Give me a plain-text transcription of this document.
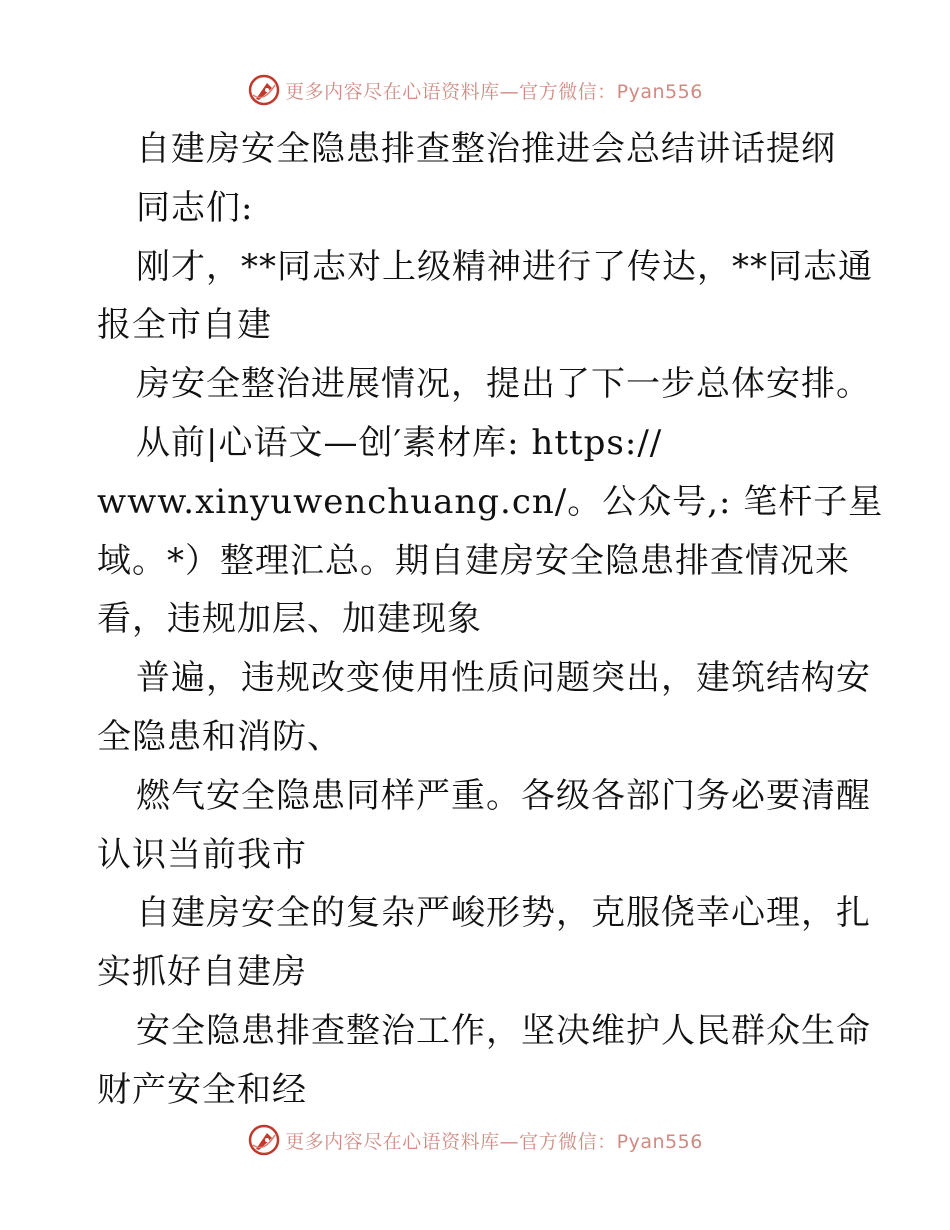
更多内容尽在心语资料库—官方微信：Pyan556
自建房安全隐患排查整治推进会总结讲话提纲
同志们:
刚才，**同志对上级精神进行了传达，**同志通
报全市自建
房安全整治进展情况，提出了下一步总体安排。
从前|心语文—创′素材库: https://
www.xinyuwenchuang.cn/。公众号,: 笔杆子星
域。*）整理汇总。期自建房安全隐患排查情况来
看，违规加层、加建现象
普遍，违规改变使用性质问题突出，建筑结构安
全隐患和消防、
燃气安全隐患同样严重。各级各部门务必要清醒
认识当前我市
自建房安全的复杂严峻形势，克服侥幸心理，扎
实抓好自建房
安全隐患排查整治工作，坚决维护人民群众生命
财产安全和经
更多内容尽在心语资料库—官方微信：Pyan556
